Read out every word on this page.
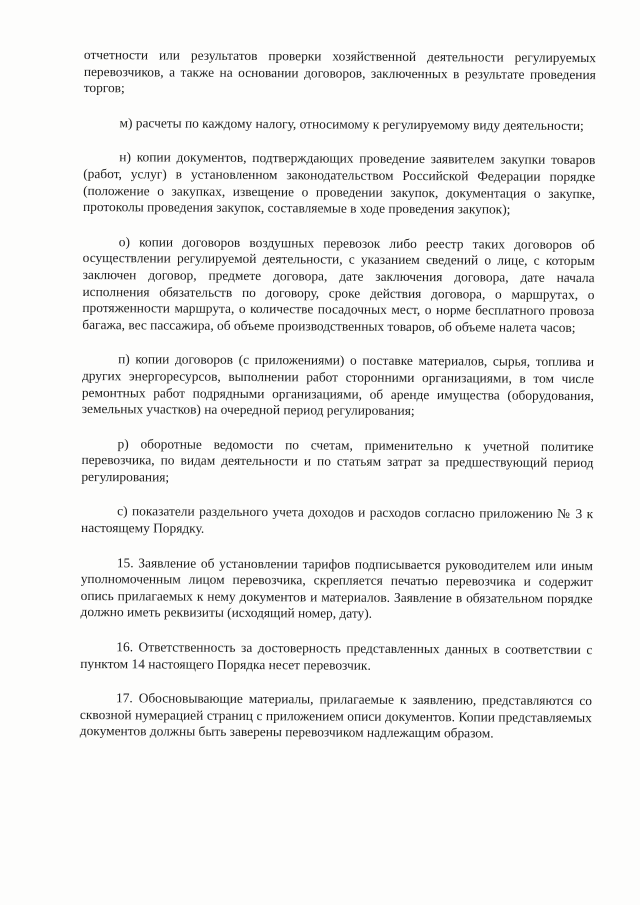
отчетности или результатов проверки хозяйственной деятельности регулируемых перевозчиков, а также на основании договоров, заключенных в результате проведения торгов;

м) расчеты по каждому налогу, относимому к регулируемому виду деятельности;

н) копии документов, подтверждающих проведение заявителем закупки товаров (работ, услуг) в установленном законодательством Российской Федерации порядке (положение о закупках, извещение о проведении закупок, документация о закупке, протоколы проведения закупок, составляемые в ходе проведения закупок);

о) копии договоров воздушных перевозок либо реестр таких договоров об осуществлении регулируемой деятельности, с указанием сведений о лице, с которым заключен договор, предмете договора, дате заключения договора, дате начала исполнения обязательств по договору, сроке действия договора, о маршрутах, о протяженности маршрута, о количестве посадочных мест, о норме бесплатного провоза багажа, вес пассажира, об объеме производственных товаров, об объеме налета часов;

п) копии договоров (с приложениями) о поставке материалов, сырья, топлива и других энергоресурсов, выполнении работ сторонними организациями, в том числе ремонтных работ подрядными организациями, об аренде имущества (оборудования, земельных участков) на очередной период регулирования;

р) оборотные ведомости по счетам, применительно к учетной политике перевозчика, по видам деятельности и по статьям затрат за предшествующий период регулирования;

с) показатели раздельного учета доходов и расходов согласно приложению № 3 к настоящему Порядку.

15. Заявление об установлении тарифов подписывается руководителем или иным уполномоченным лицом перевозчика, скрепляется печатью перевозчика и содержит опись прилагаемых к нему документов и материалов. Заявление в обязательном порядке должно иметь реквизиты (исходящий номер, дату).

16. Ответственность за достоверность представленных данных в соответствии с пунктом 14 настоящего Порядка несет перевозчик.

17. Обосновывающие материалы, прилагаемые к заявлению, представляются со сквозной нумерацией страниц с приложением описи документов. Копии представляемых документов должны быть заверены перевозчиком надлежащим образом.
